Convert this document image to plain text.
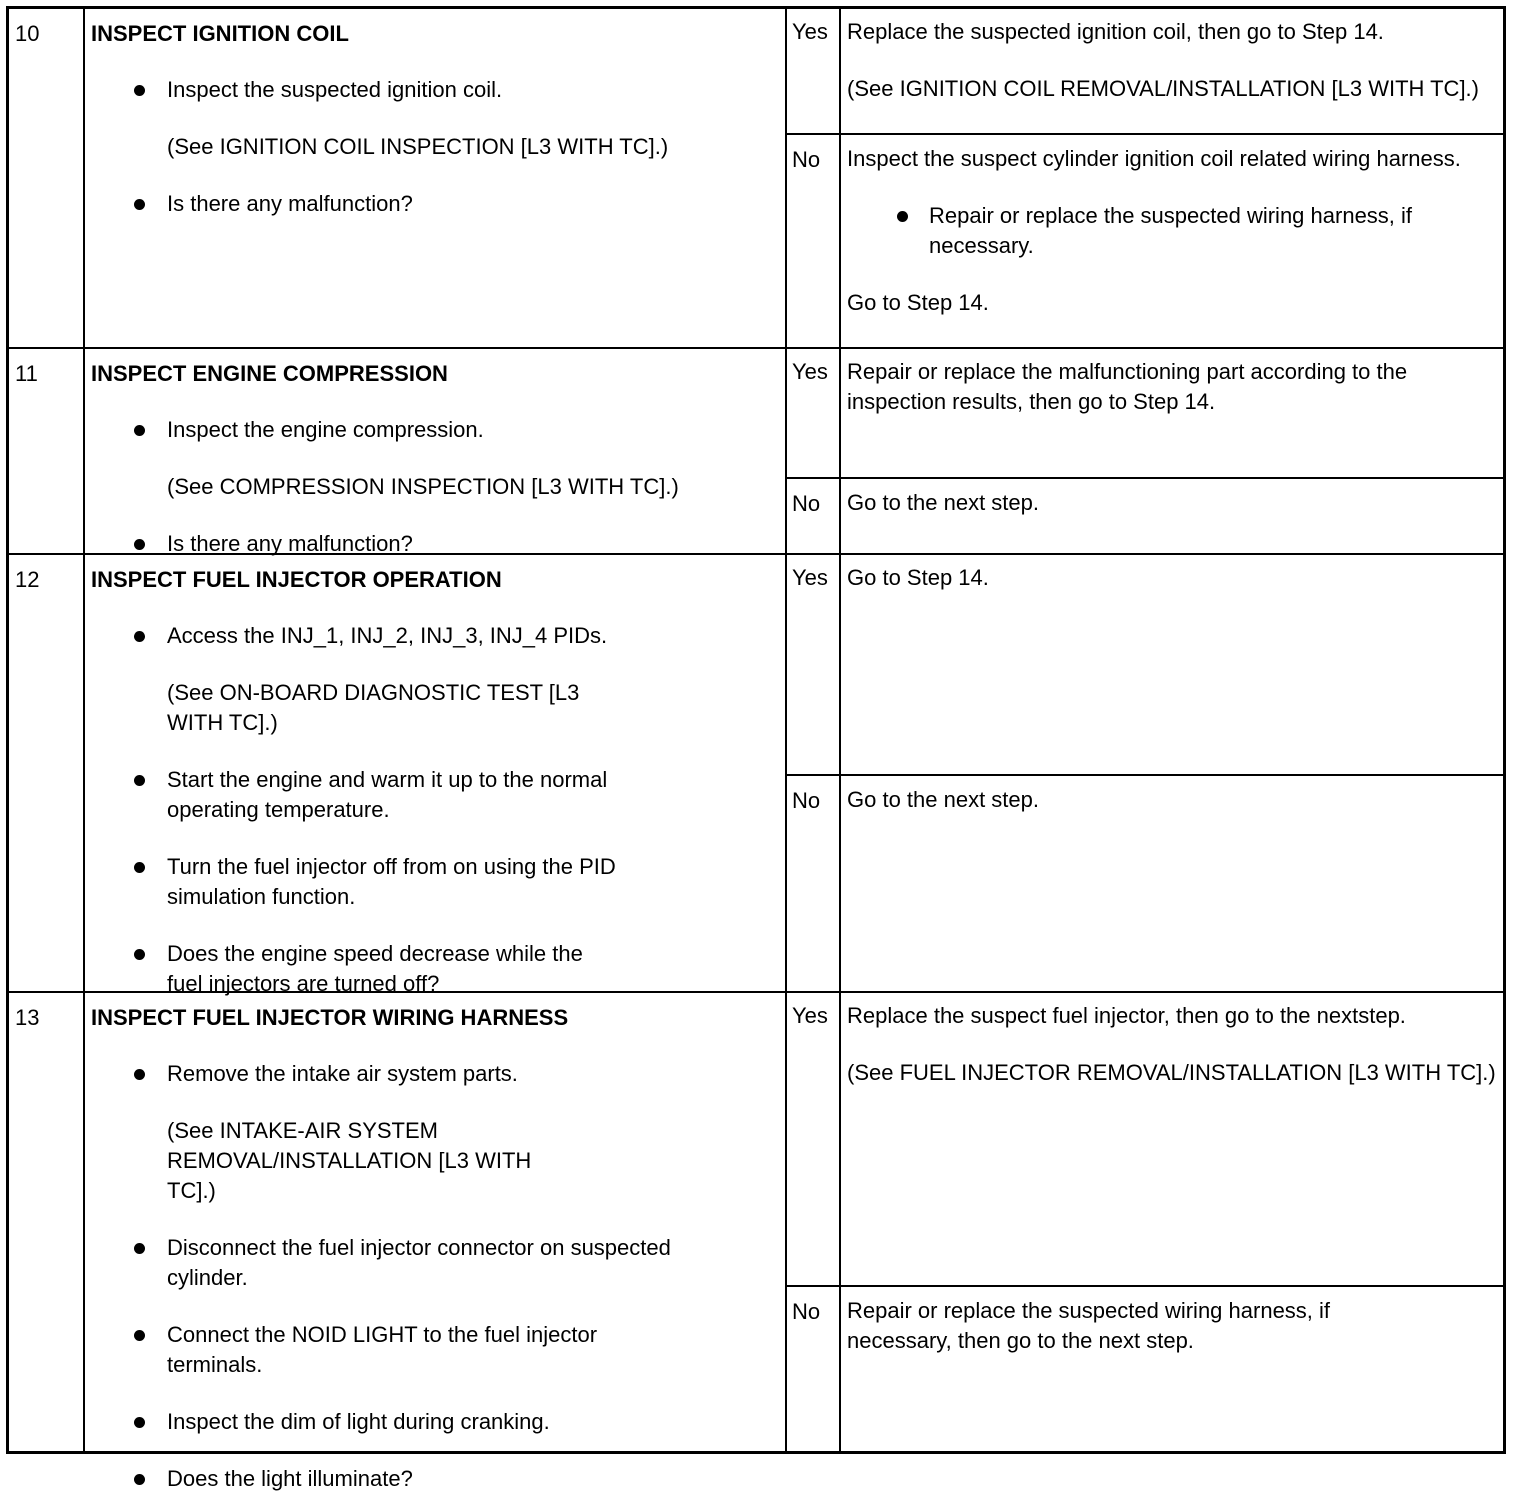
10 INSPECT IGNITION COIL
Inspect the suspected ignition coil.
(See IGNITION COIL INSPECTION [L3 WITH TC].)
Is there any malfunction?
Yes Replace the suspected ignition coil, then go to Step 14.

(See IGNITION COIL REMOVAL/INSTALLATION [L3 WITH TC].)

No Inspect the suspect cylinder ignition coil related wiring harness.

Repair or replace the suspected wiring harness, if necessary.

Go to Step 14.

11 INSPECT ENGINE COMPRESSION
Inspect the engine compression.
(See COMPRESSION INSPECTION [L3 WITH TC].)
Is there any malfunction?
Yes Repair or replace the malfunctioning part according to the inspection results, then go to Step 14.

No Go to the next step.

12 INSPECT FUEL INJECTOR OPERATION
Access the INJ_1, INJ_2, INJ_3, INJ_4 PIDs.
(See ON-BOARD DIAGNOSTIC TEST [L3 WITH TC].)
Start the engine and warm it up to the normal operating temperature.
Turn the fuel injector off from on using the PID simulation function.
Does the engine speed decrease while the fuel injectors are turned off?
Yes Go to Step 14.

No Go to the next step.

13 INSPECT FUEL INJECTOR WIRING HARNESS
Remove the intake air system parts.
(See INTAKE-AIR SYSTEM REMOVAL/INSTALLATION [L3 WITH TC].)
Disconnect the fuel injector connector on suspected cylinder.
Connect the NOID LIGHT to the fuel injector terminals.
Inspect the dim of light during cranking.
Does the light illuminate?
Yes Replace the suspect fuel injector, then go to the nextstep.

(See FUEL INJECTOR REMOVAL/INSTALLATION [L3 WITH TC].)

No Repair or replace the suspected wiring harness, if necessary, then go to the next step.
